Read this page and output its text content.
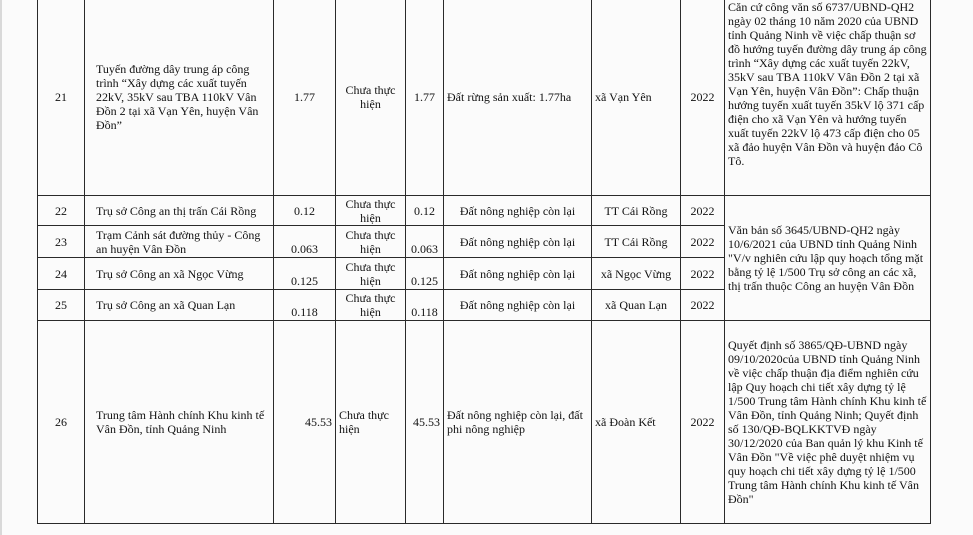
21	Tuyến đường dây trung áp công trình “Xây dựng các xuất tuyến 22kV, 35kV sau TBA 110kV Vân Đồn 2 tại xã Vạn Yên, huyện Vân Đồn”	1.77	Chưa thực hiện	1.77	Đất rừng sản xuất: 1.77ha	xã Vạn Yên	2022	Căn cứ công văn số 6737/UBND-QH2 ngày 02 tháng 10 năm 2020 của UBND tỉnh Quảng Ninh về việc chấp thuận sơ đồ hướng tuyến đường dây trung áp công trình “Xây dựng các xuất tuyến 22kV, 35kV sau TBA 110kV Vân Đồn 2 tại xã Vạn Yên, huyện Vân Đồn”: Chấp thuận hướng tuyến xuất tuyến 35kV lộ 371 cấp điện cho xã Vạn Yên và hướng tuyến xuất tuyến 22kV lộ 473 cấp điện cho 05 xã đảo huyện Vân Đồn và huyện đảo Cô Tô.
22	Trụ sở Công an thị trấn Cái Rồng	0.12	Chưa thực hiện	0.12	Đất nông nghiệp còn lại	TT Cái Rồng	2022	Văn bản số 3645/UBND-QH2 ngày 10/6/2021 của UBND tỉnh Quảng Ninh "V/v nghiên cứu lập quy hoạch tổng mặt bằng tỷ lệ 1/500 Trụ sở công an các xã, thị trấn thuộc Công an huyện Vân Đồn
23	Trạm Cảnh sát đường thủy - Công an huyện Vân Đồn	0.063	Chưa thực hiện	0.063	Đất nông nghiệp còn lại	TT Cái Rồng	2022	
24	Trụ sở Công an xã Ngọc Vừng	0.125	Chưa thực hiện	0.125	Đất nông nghiệp còn lại	xã Ngọc Vừng	2022	
25	Trụ sở Công an xã Quan Lạn	0.118	Chưa thực hiện	0.118	Đất nông nghiệp còn lại	xã Quan Lạn	2022	
26	Trung tâm Hành chính Khu kinh tế Vân Đồn, tỉnh Quảng Ninh	45.53	Chưa thực hiện	45.53	Đất nông nghiệp còn lại, đất phi nông nghiệp	xã Đoàn Kết	2022	Quyết định số 3865/QĐ-UBND ngày 09/10/2020của UBND tỉnh Quảng Ninh về việc chấp thuận địa điểm nghiên cứu lập Quy hoạch chi tiết xây dựng tỷ lệ 1/500 Trung tâm Hành chính Khu kinh tế Vân Đồn, tỉnh Quảng Ninh; Quyết định số 130/QĐ-BQLKKTVĐ ngày 30/12/2020 của Ban quản lý khu Kinh tế Vân Đồn "Về việc phê duyệt nhiệm vụ quy hoạch chi tiết xây dựng tỷ lệ 1/500 Trung tâm Hành chính Khu kinh tế Vân Đồn"
